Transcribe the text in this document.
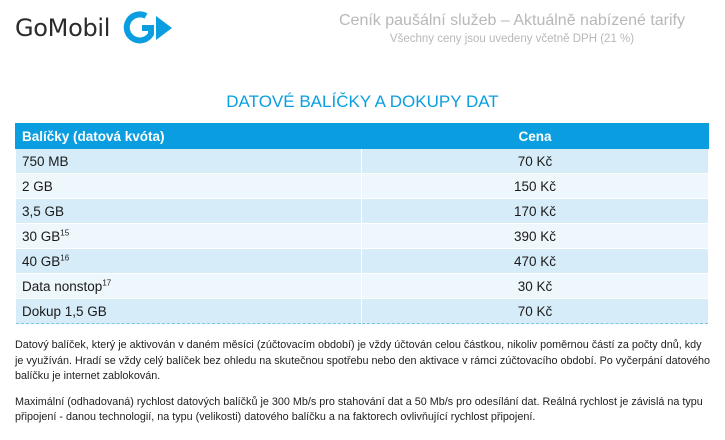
GoMobil	Ceník paušální služeb – Aktuálně nabízené tarify
Všechny ceny jsou uvedeny včetně DPH (21 %)
DATOVÉ BALÍČKY A DOKUPY DAT
Balíčky (datová kvóta)	Cena
750 MB	70 Kč
2 GB	150 Kč
3,5 GB	170 Kč
30 GB$^{15}$	390 Kč
40 GB$^{16}$	470 Kč
Data nonstop$^{17}$	30 Kč
Dokup 1,5 GB	70 Kč

Datový balíček, který je aktivován v daném měsíci (zúčtovacím období) je vždy účtován celou částkou, nikoliv poměrnou částí za počty dnů, kdy je využíván. Hradí se vždy celý balíček bez ohledu na skutečnou spotřebu nebo den aktivace v rámci zúčtovacího období. Po vyčerpání datového balíčku je internet zablokován.

Maximální (odhadovaná) rychlost datových balíčků je 300 Mb/s pro stahování dat a 50 Mb/s pro odesílání dat. Reálná rychlost je závislá na typu připojení - danou technologií, na typu (velikosti) datového balíčku a na faktorech ovlivňující rychlost připojení.
